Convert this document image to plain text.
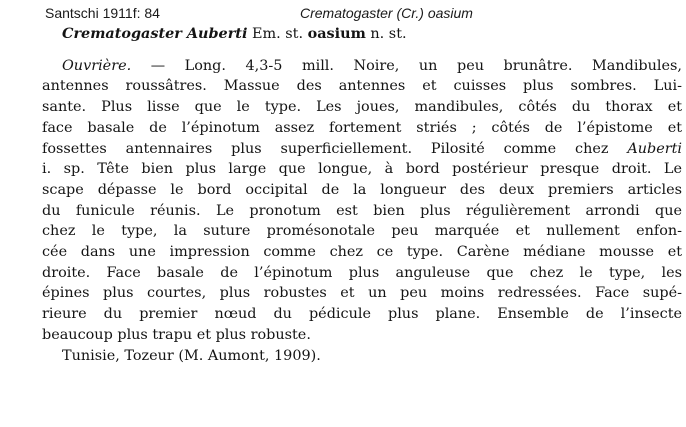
Santschi 1911f: 84	Crematogaster (Cr.) oasium
Crematogaster Auberti Em. st. oasium n. st.
Ouvrière. — Long. 4,3-5 mill. Noire, un peu brunâtre. Mandibules,
antennes roussâtres. Massue des antennes et cuisses plus sombres. Lui-
sante. Plus lisse que le type. Les joues, mandibules, côtés du thorax et
face basale de l’épinotum assez fortement striés ; côtés de l’épistome et
fossettes antennaires plus superficiellement. Pilosité comme chez Auberti
i. sp. Tête bien plus large que longue, à bord postérieur presque droit. Le
scape dépasse le bord occipital de la longueur des deux premiers articles
du funicule réunis. Le pronotum est bien plus régulièrement arrondi que
chez le type, la suture promésonotale peu marquée et nullement enfon-
cée dans une impression comme chez ce type. Carène médiane mousse et
droite. Face basale de l’épinotum plus anguleuse que chez le type, les
épines plus courtes, plus robustes et un peu moins redressées. Face supé-
rieure du premier nœud du pédicule plus plane. Ensemble de l’insecte
beaucoup plus trapu et plus robuste.
Tunisie, Tozeur (M. Aumont, 1909).
